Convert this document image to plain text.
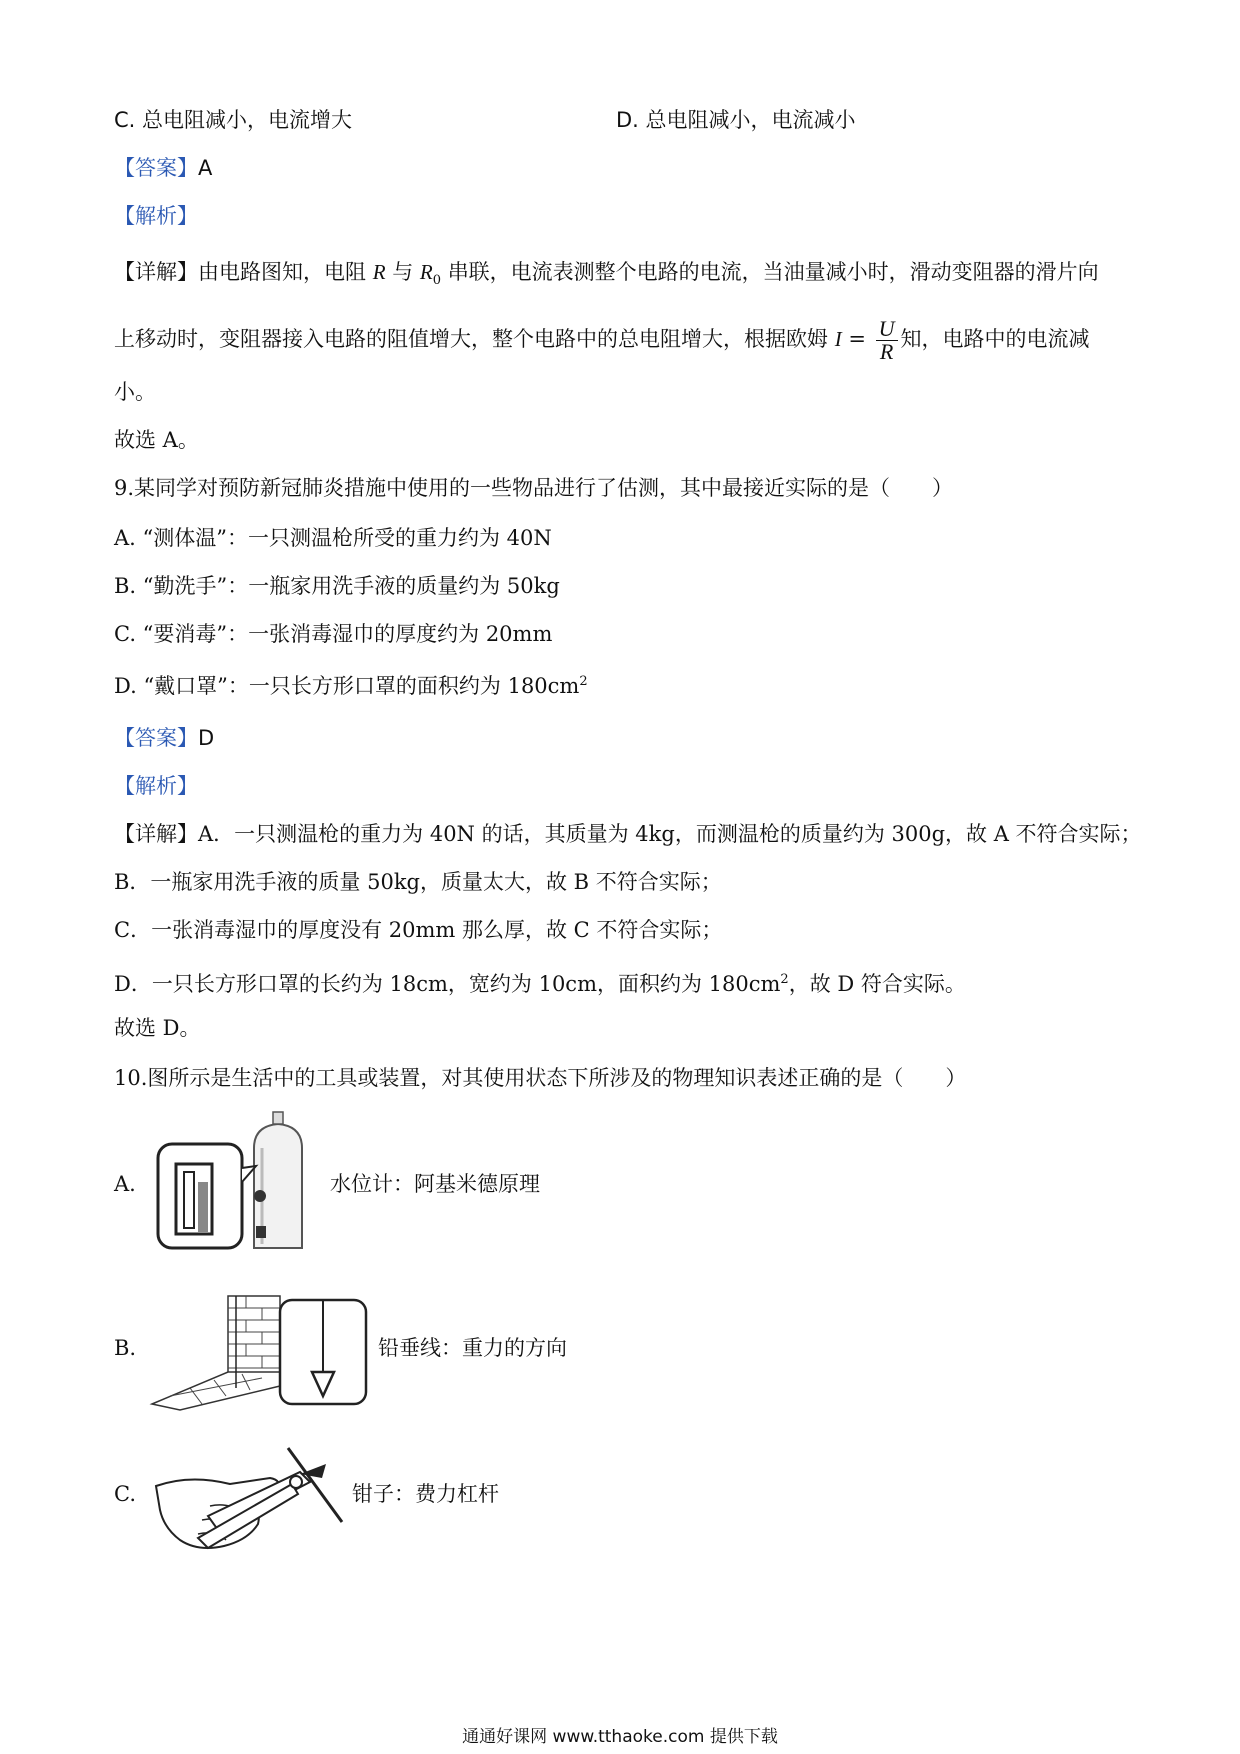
C. 总电阻减小，电流增大	D. 总电阻减小，电流减小
【答案】A
【解析】
【详解】由电路图知，电阻 R 与 $R_0$ 串联，电流表测整个电路的电流，当油量减小时，滑动变阻器的滑片向
上移动时，变阻器接入电路的阻值增大，整个电路中的总电阻增大，根据欧姆 $I = \frac{U}{R}$ 知，电路中的电流减
小。
故选 A。
9.某同学对预防新冠肺炎措施中使用的一些物品进行了估测，其中最接近实际的是（　　）
A. “测体温”：一只测温枪所受的重力约为 40N
B. “勤洗手”：一瓶家用洗手液的质量约为 50kg
C. “要消毒”：一张消毒湿巾的厚度约为 20mm
D. “戴口罩”：一只长方形口罩的面积约为 $180cm^2$
【答案】D
【解析】
【详解】A．一只测温枪的重力为 40N 的话，其质量为 4kg，而测温枪的质量约为 300g，故 A 不符合实际；
B．一瓶家用洗手液的质量 50kg，质量太大，故 B 不符合实际；
C．一张消毒湿巾的厚度没有 20mm 那么厚，故 C 不符合实际；
D．一只长方形口罩的长约为 18cm，宽约为 10cm，面积约为 $180cm^2$，故 D 符合实际。
故选 D。
10.图所示是生活中的工具或装置，对其使用状态下所涉及的物理知识表述正确的是（　　）
A.	水位计：阿基米德原理
B.	铅垂线：重力的方向
C.	钳子：费力杠杆
通通好课网 www.tthaoke.com 提供下载
